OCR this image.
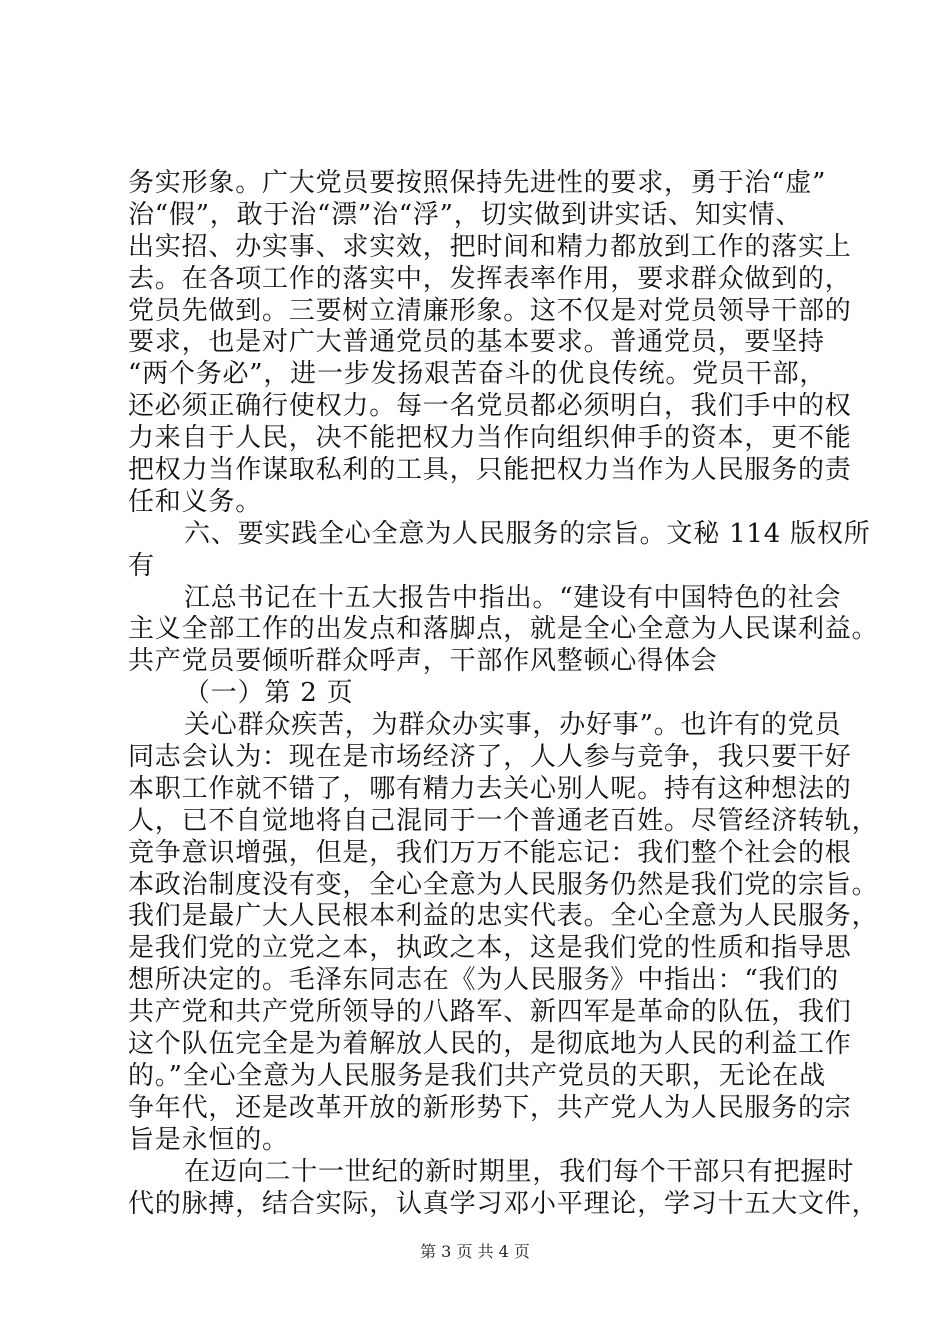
务实形象。广大党员要按照保持先进性的要求，勇于治“虚”
治“假”，敢于治“漂”治“浮”，切实做到讲实话、知实情、
出实招、办实事、求实效，把时间和精力都放到工作的落实上
去。在各项工作的落实中，发挥表率作用，要求群众做到的，
党员先做到。三要树立清廉形象。这不仅是对党员领导干部的
要求，也是对广大普通党员的基本要求。普通党员，要坚持
“两个务必”，进一步发扬艰苦奋斗的优良传统。党员干部，
还必须正确行使权力。每一名党员都必须明白，我们手中的权
力来自于人民，决不能把权力当作向组织伸手的资本，更不能
把权力当作谋取私利的工具，只能把权力当作为人民服务的责
任和义务。
六、要实践全心全意为人民服务的宗旨。文秘 114 版权所
有
江总书记在十五大报告中指出。“建设有中国特色的社会
主义全部工作的出发点和落脚点，就是全心全意为人民谋利益。
共产党员要倾听群众呼声，干部作风整顿心得体会
（一）第 2 页
关心群众疾苦，为群众办实事，办好事”。也许有的党员
同志会认为：现在是市场经济了，人人参与竞争，我只要干好
本职工作就不错了，哪有精力去关心别人呢。持有这种想法的
人，已不自觉地将自己混同于一个普通老百姓。尽管经济转轨，
竞争意识增强，但是，我们万万不能忘记：我们整个社会的根
本政治制度没有变，全心全意为人民服务仍然是我们党的宗旨。
我们是最广大人民根本利益的忠实代表。全心全意为人民服务，
是我们党的立党之本，执政之本，这是我们党的性质和指导思
想所决定的。毛泽东同志在《为人民服务》中指出：“我们的
共产党和共产党所领导的八路军、新四军是革命的队伍，我们
这个队伍完全是为着解放人民的，是彻底地为人民的利益工作
的。”全心全意为人民服务是我们共产党员的天职，无论在战
争年代，还是改革开放的新形势下，共产党人为人民服务的宗
旨是永恒的。
在迈向二十一世纪的新时期里，我们每个干部只有把握时
代的脉搏，结合实际，认真学习邓小平理论，学习十五大文件，
第 3 页 共 4 页
